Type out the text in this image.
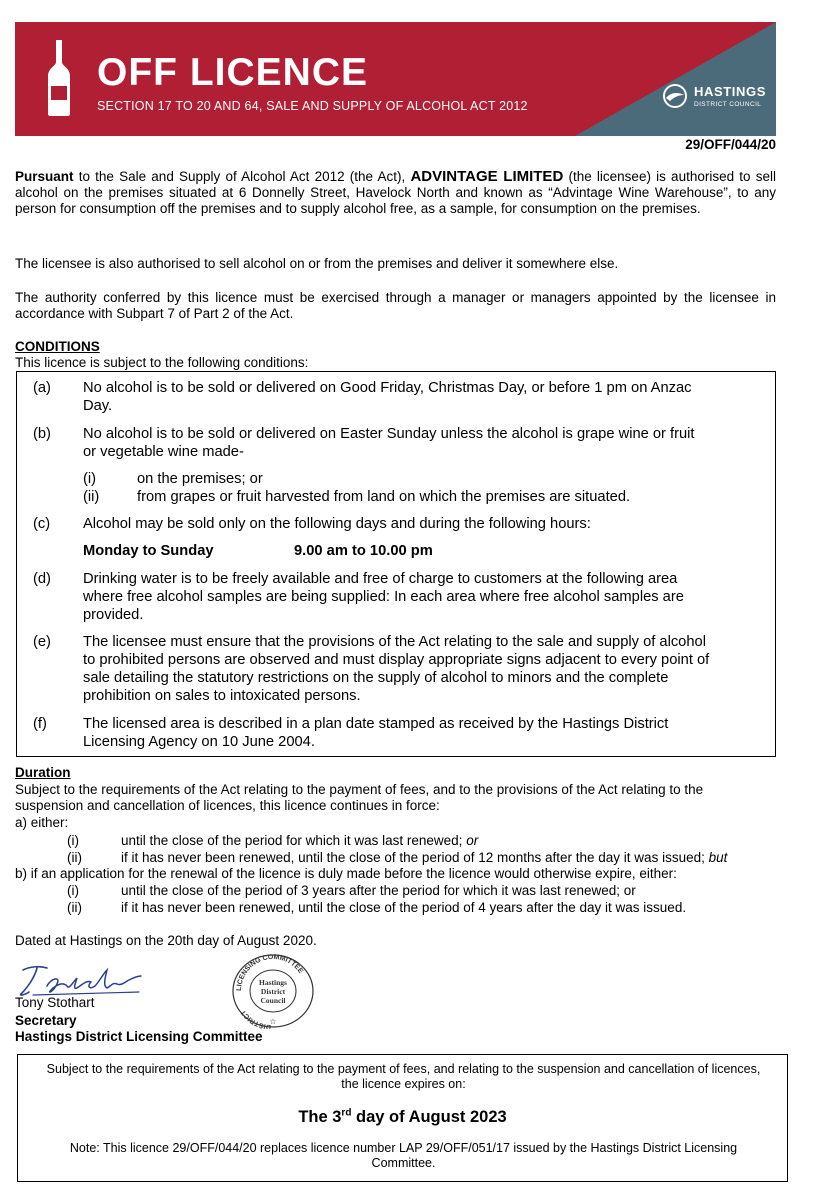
OFF LICENCE
SECTION 17 TO 20 AND 64, SALE AND SUPPLY OF ALCOHOL ACT 2012
HASTINGS
DISTRICT COUNCIL
29/OFF/044/20
Pursuant to the Sale and Supply of Alcohol Act 2012 (the Act), ADVINTAGE LIMITED (the licensee) is authorised to sell alcohol on the premises situated at 6 Donnelly Street, Havelock North and known as “Advintage Wine Warehouse”, to any person for consumption off the premises and to supply alcohol free, as a sample, for consumption on the premises.
The licensee is also authorised to sell alcohol on or from the premises and deliver it somewhere else.
The authority conferred by this licence must be exercised through a manager or managers appointed by the licensee in accordance with Subpart 7 of Part 2 of the Act.
CONDITIONS
This licence is subject to the following conditions:
(a) No alcohol is to be sold or delivered on Good Friday, Christmas Day, or before 1 pm on Anzac
Day.
(b) No alcohol is to be sold or delivered on Easter Sunday unless the alcohol is grape wine or fruit
or vegetable wine made-
(i)	on the premises; or
(ii)	from grapes or fruit harvested from land on which the premises are situated.
(c) Alcohol may be sold only on the following days and during the following hours:
Monday to Sunday	9.00 am to 10.00 pm
(d) Drinking water is to be freely available and free of charge to customers at the following area
where free alcohol samples are being supplied: In each area where free alcohol samples are
provided.
(e) The licensee must ensure that the provisions of the Act relating to the sale and supply of alcohol
to prohibited persons are observed and must display appropriate signs adjacent to every point of
sale detailing the statutory restrictions on the supply of alcohol to minors and the complete
prohibition on sales to intoxicated persons.
(f) The licensed area is described in a plan date stamped as received by the Hastings District
Licensing Agency on 10 June 2004.
Duration
Subject to the requirements of the Act relating to the payment of fees, and to the provisions of the Act relating to the
suspension and cancellation of licences, this licence continues in force:
a) either:
(i)	until the close of the period for which it was last renewed; or
(ii)	if it has never been renewed, until the close of the period of 12 months after the day it was issued; but
b) if an application for the renewal of the licence is duly made before the licence would otherwise expire, either:
(i)	until the close of the period of 3 years after the period for which it was last renewed; or
(ii)	if it has never been renewed, until the close of the period of 4 years after the day it was issued.
Dated at Hastings on the 20th day of August 2020.
Tony Stothart
Secretary
Hastings District Licensing Committee
LICENSING COMMITTEE
DISTRICT
Hastings
District
Council
☆
Subject to the requirements of the Act relating to the payment of fees, and relating to the suspension and cancellation of licences, the licence expires on:
The 3rd day of August 2023
Note: This licence 29/OFF/044/20 replaces licence number LAP 29/OFF/051/17 issued by the Hastings District Licensing Committee.
